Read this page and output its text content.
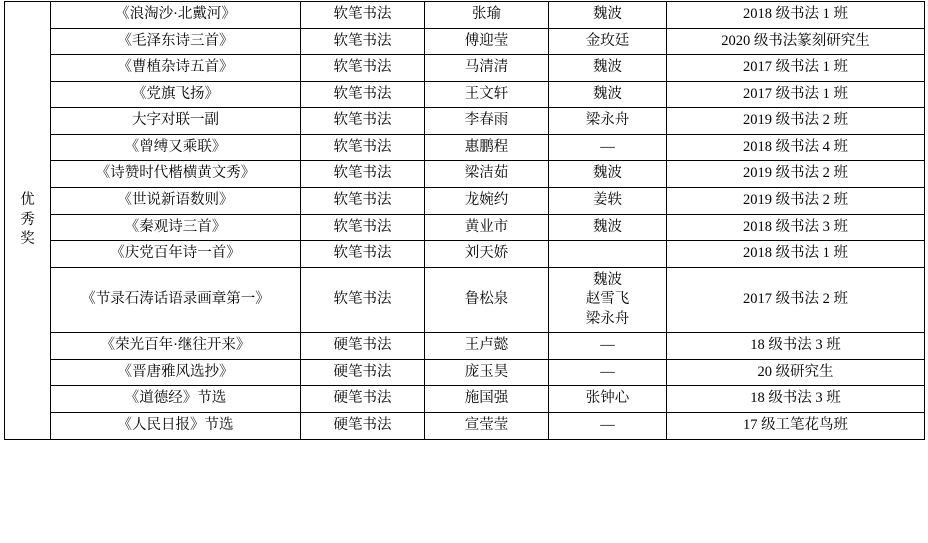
优
秀
奖	《浪淘沙·北戴河》	软笔书法	张瑜	魏波	2018 级书法 1 班
	《毛泽东诗三首》	软笔书法	傅迎莹	金玫廷	2020 级书法篆刻研究生
	《曹植杂诗五首》	软笔书法	马清清	魏波	2017 级书法 1 班
	《党旗飞扬》	软笔书法	王文轩	魏波	2017 级书法 1 班
	大字对联一副	软笔书法	李春雨	梁永舟	2019 级书法 2 班
	《曾缚又乘联》	软笔书法	惠鹏程	—	2018 级书法 4 班
	《诗赞时代楷横黄文秀》	软笔书法	梁洁茹	魏波	2019 级书法 2 班
	《世说新语数则》	软笔书法	龙婉约	姜轶	2019 级书法 2 班
	《秦观诗三首》	软笔书法	黄业市	魏波	2018 级书法 3 班
	《庆党百年诗一首》	软笔书法	刘天娇		2018 级书法 1 班
	《节录石涛话语录画章第一》	软笔书法	鲁松泉	魏波
赵雪飞
梁永舟	2017 级书法 2 班
	《荣光百年·继往开来》	硬笔书法	王卢懿	—	18 级书法 3 班
	《晋唐雅风选抄》	硬笔书法	庞玉昊	—	20 级研究生
	《道德经》节选	硬笔书法	施国强	张钟心	18 级书法 3 班
	《人民日报》节选	硬笔书法	宣莹莹	—	17 级工笔花鸟班
